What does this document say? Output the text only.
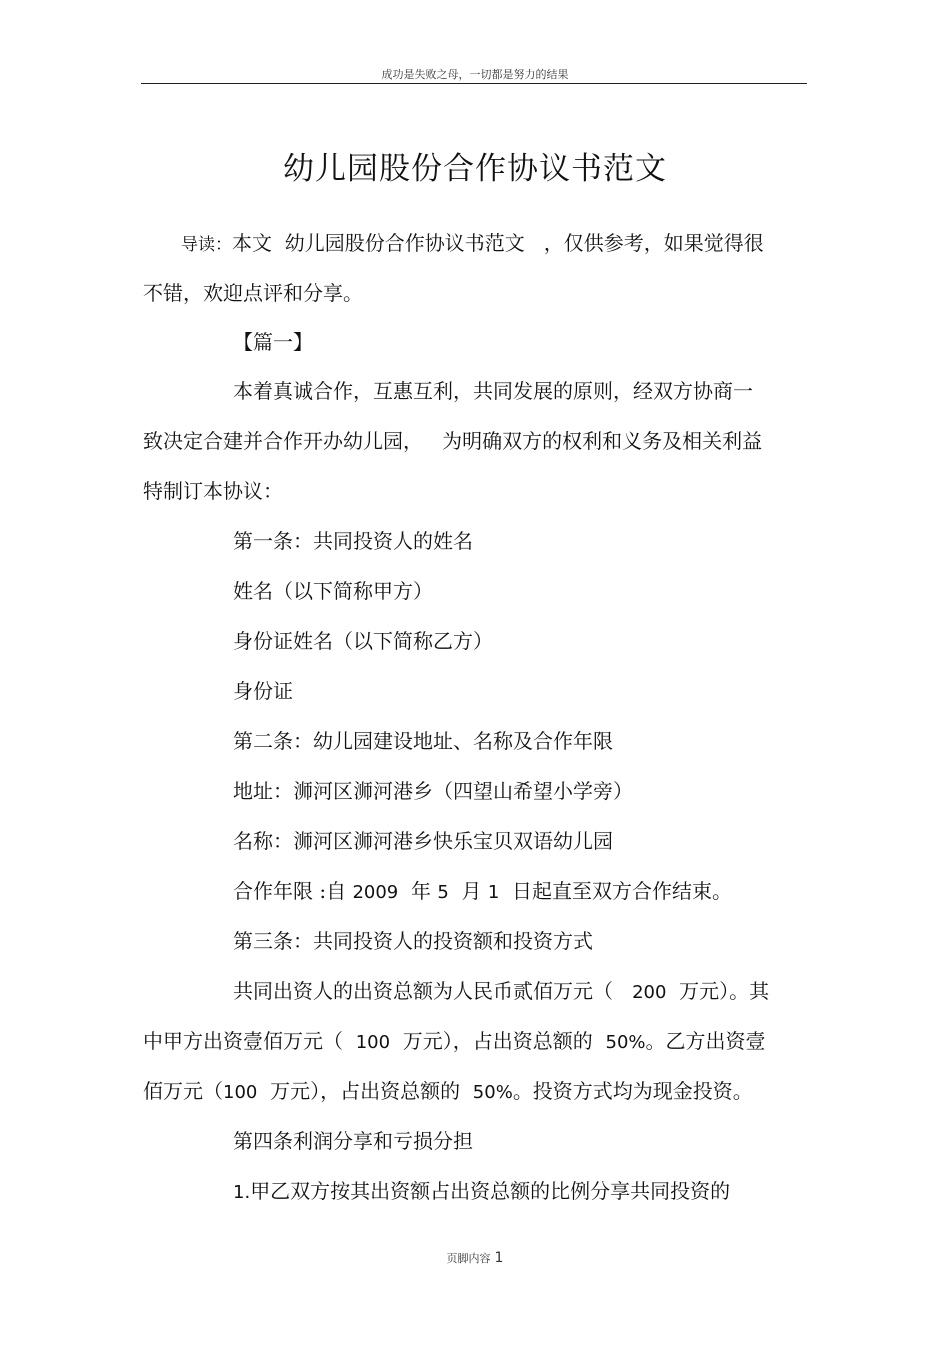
成功是失败之母，一切都是努力的结果
幼儿园股份合作协议书范文
导读：本文  幼儿园股份合作协议书范文   ，仅供参考，如果觉得很
不错，欢迎点评和分享。
【篇一】
本着真诚合作，互惠互利，共同发展的原则，经双方协商一
致决定合建并合作开办幼儿园，   为明确双方的权利和义务及相关利益
特制订本协议：
第一条：共同投资人的姓名
姓名（以下简称甲方）
身份证姓名（以下简称乙方）
身份证
第二条：幼儿园建设地址、名称及合作年限
地址：浉河区浉河港乡（四望山希望小学旁）
名称：浉河区浉河港乡快乐宝贝双语幼儿园
合作年限 :自 2009  年 5  月 1  日起直至双方合作结束。
第三条：共同投资人的投资额和投资方式
共同出资人的出资总额为人民币贰佰万元（   200  万元）。其
中甲方出资壹佰万元（  100  万元），占出资总额的  50%。乙方出资壹
佰万元（100  万元），占出资总额的  50%。投资方式均为现金投资。
第四条利润分享和亏损分担
1.甲乙双方按其出资额占出资总额的比例分享共同投资的
页脚内容 1
